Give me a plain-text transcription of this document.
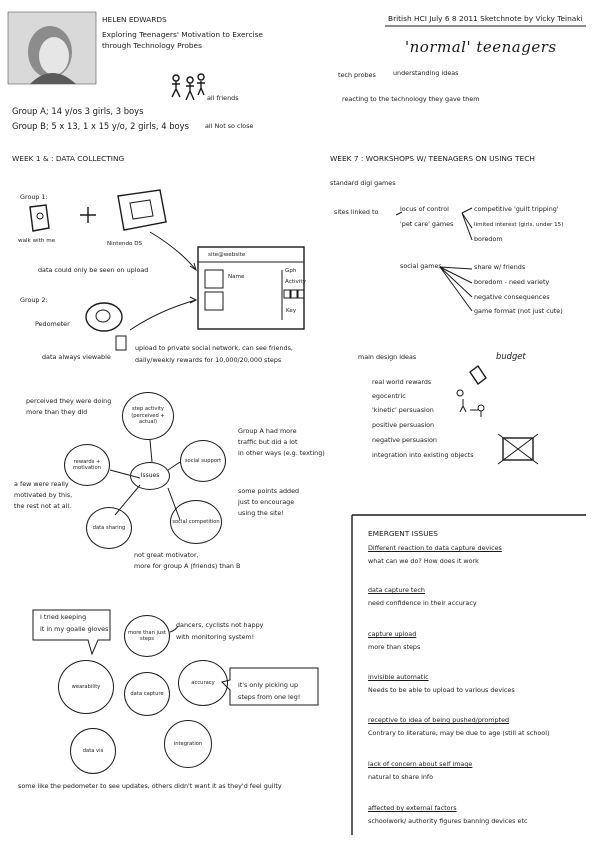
HELEN EDWARDS
Exploring Teenagers' Motivation to Exercise
through Technology Probes
British HCI July 6 8 2011 Sketchnote by Vicky Teinaki
'normal' teenagers
tech probes	understanding ideas
reacting to the technology they gave them
Group A; 14 y/os 3 girls, 3 boys
Group B; 5 x 13, 1 x 15 y/o, 2 girls, 4 boys
all friends
all Not so close
WEEK 1 & : DATA COLLECTING
Group 1:
walk with me	Nintendo DS
data could only be seen on upload
Group 2:
Pedometer
data always viewable
site@website
Name
Gph
Activity
Key
upload to private social network, can see friends,
daily/weekly rewards for 10,000/20,000 steps
perceived they were doing
more than they did	step activity (perceived + actual)
rewards + motivation
Issues
social support
social competition
data sharing
Group A had more
traffic but did a lot
in other ways (e.g. texting)
a few were really
motivated by this,
the rest not at all.
some points added
just to encourage
using the site!
not great motivator,
more for group A (friends) than B
I tried keeping
it in my goalie gloves	dancers, cyclists not happy
with monitoring system!
more than just steps
wearability
data capture
accuracy
data vis
integration
it's only picking up
steps from one leg!
some like the pedometer to see updates, others didn't want it as they'd feel guilty
WEEK 7 : WORKSHOPS W/ TEENAGERS ON USING TECH
standard digi games
sites linked to	locus of control
'pet care' games
competitive 'guilt tripping'
limited interest (girls, under 15)
boredom
social games	share w/ friends
boredom - need variety
negative consequences
game format (not just cute)
main design ideas	budget
real world rewards
egocentric
'kinetic' persuasion
positive persuasion
negative persuasion
integration into existing objects
EMERGENT ISSUES
Different reaction to data capture devices
what can we do? How does it work
data capture tech
need confidence in their accuracy
capture upload
more than steps
invisible automatic
Needs to be able to upload to various devices
receptive to idea of being pushed/prompted
Contrary to literature, may be due to age (still at school)
lack of concern about self image
natural to share info
affected by external factors
schoolwork/ authority figures banning devices etc
